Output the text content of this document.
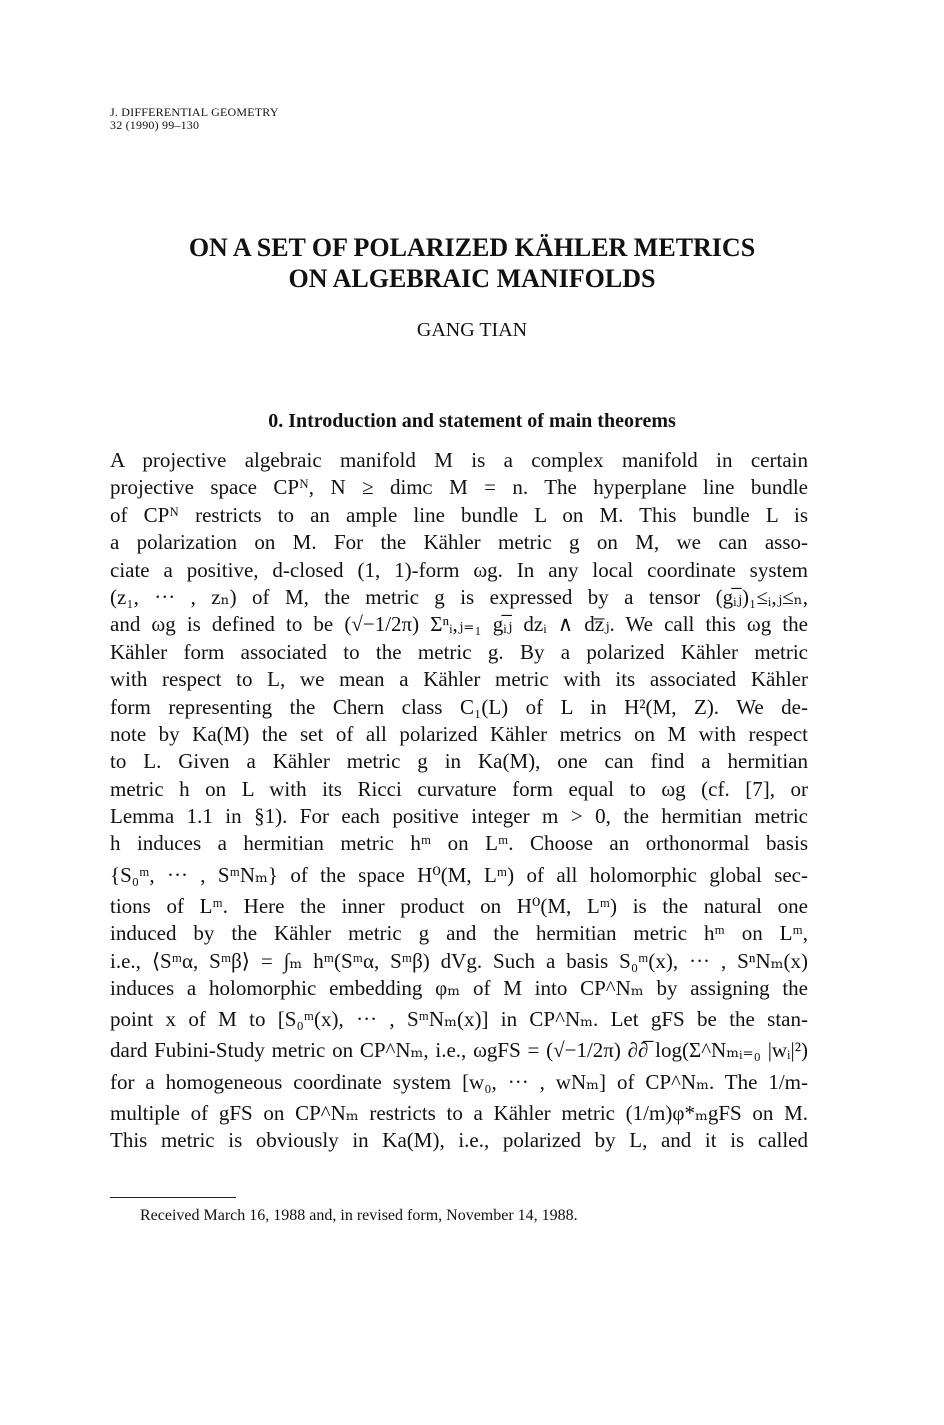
J. DIFFERENTIAL GEOMETRY
32 (1990) 99–130
ON A SET OF POLARIZED KÄHLER METRICS
ON ALGEBRAIC MANIFOLDS
GANG TIAN
0. Introduction and statement of main theorems
A projective algebraic manifold M is a complex manifold in certain
projective space CPᴺ, N ≥ dimᴄ M = n. The hyperplane line bundle
of CPᴺ restricts to an ample line bundle L on M. This bundle L is
a polarization on M. For the Kähler metric g on M, we can asso-
ciate a positive, d-closed (1, 1)-form ωg. In any local coordinate system
(z₁, ··· , zₙ) of M, the metric g is expressed by a tensor (gᵢ̅ⱼ)₁≤ᵢ,ⱼ≤ₙ,
and ωg is defined to be (√−1/2π) Σⁿᵢ,ⱼ₌₁ gᵢ̅ⱼ dzᵢ ∧ dz̅ⱼ. We call this ωg the
Kähler form associated to the metric g. By a polarized Kähler metric
with respect to L, we mean a Kähler metric with its associated Kähler
form representing the Chern class C₁(L) of L in H²(M, Z). We de-
note by Ka(M) the set of all polarized Kähler metrics on M with respect
to L. Given a Kähler metric g in Ka(M), one can find a hermitian
metric h on L with its Ricci curvature form equal to ωg (cf. [7], or
Lemma 1.1 in §1). For each positive integer m > 0, the hermitian metric
h induces a hermitian metric hᵐ on Lᵐ. Choose an orthonormal basis
{S₀ᵐ, ··· , SᵐNₘ} of the space H⁰(M, Lᵐ) of all holomorphic global sec-
tions of Lᵐ. Here the inner product on H⁰(M, Lᵐ) is the natural one
induced by the Kähler metric g and the hermitian metric hᵐ on Lᵐ,
i.e., ⟨Sᵐα, Sᵐβ⟩ = ∫ₘ hᵐ(Sᵐα, Sᵐβ) dVg. Such a basis S₀ᵐ(x), ··· , SⁿNₘ(x)
induces a holomorphic embedding φₘ of M into CP^Nₘ by assigning the
point x of M to [S₀ᵐ(x), ··· , SᵐNₘ(x)] in CP^Nₘ. Let gFS be the stan-
dard Fubini-Study metric on CP^Nₘ, i.e., ωgFS = (√−1/2π) ∂∂̅ log(Σ^Nₘᵢ₌₀ |wᵢ|²)
for a homogeneous coordinate system [w₀, ··· , wNₘ] of CP^Nₘ. The 1/m-
multiple of gFS on CP^Nₘ restricts to a Kähler metric (1/m)φ*ₘgFS on M.
This metric is obviously in Ka(M), i.e., polarized by L, and it is called
Received March 16, 1988 and, in revised form, November 14, 1988.
